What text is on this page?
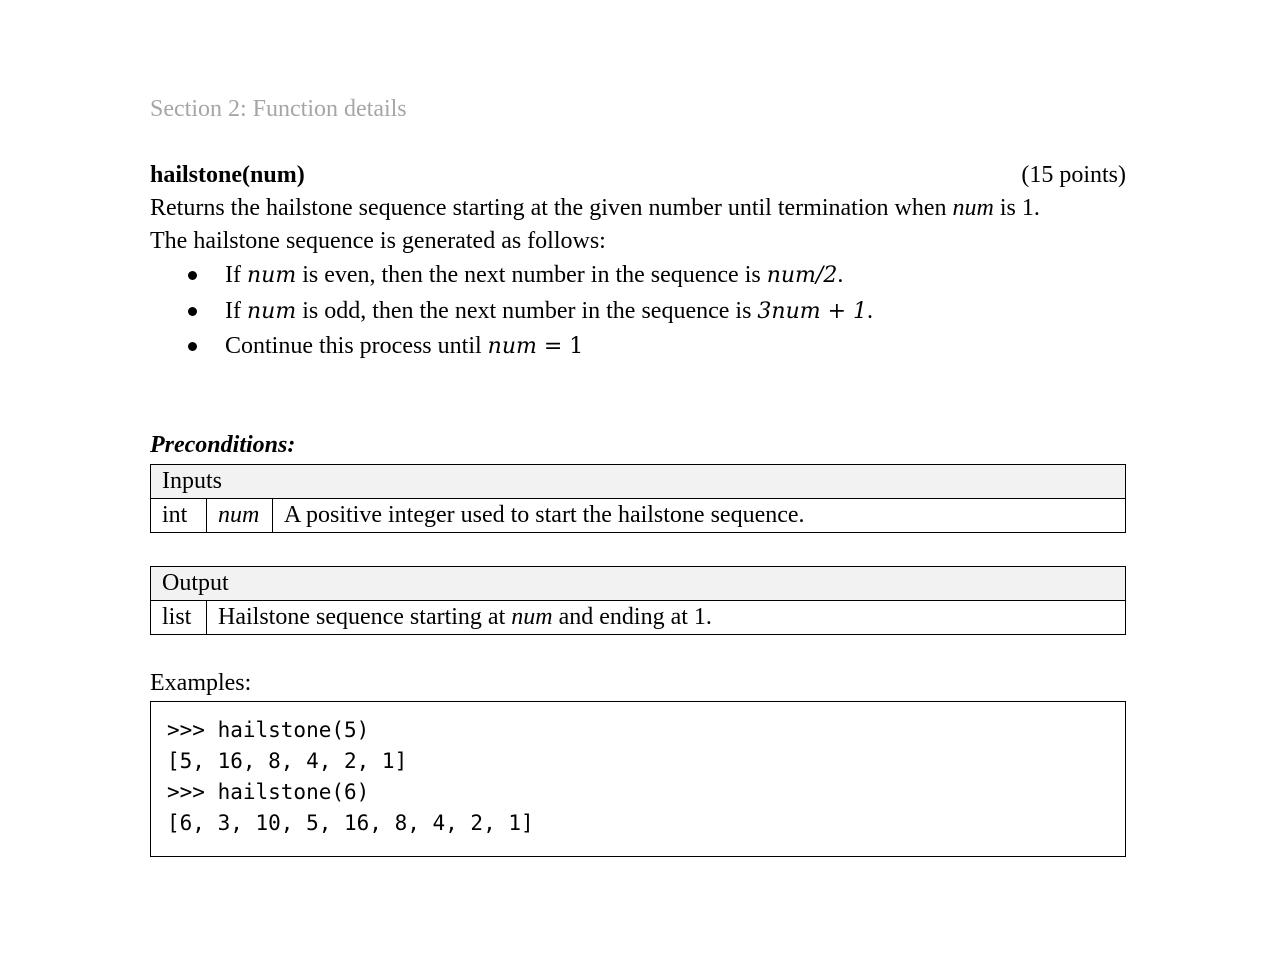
Section 2: Function details
hailstone(num)	(15 points)
Returns the hailstone sequence starting at the given number until termination when num is 1.
The hailstone sequence is generated as follows:
If num is even, then the next number in the sequence is num/2.
If num is odd, then the next number in the sequence is 3num + 1.
Continue this process until num = 1
Preconditions:
Inputs
int	num	A positive integer used to start the hailstone sequence.
Output
list	Hailstone sequence starting at num and ending at 1.
Examples:
>>> hailstone(5)
[5, 16, 8, 4, 2, 1]
>>> hailstone(6)
[6, 3, 10, 5, 16, 8, 4, 2, 1]
